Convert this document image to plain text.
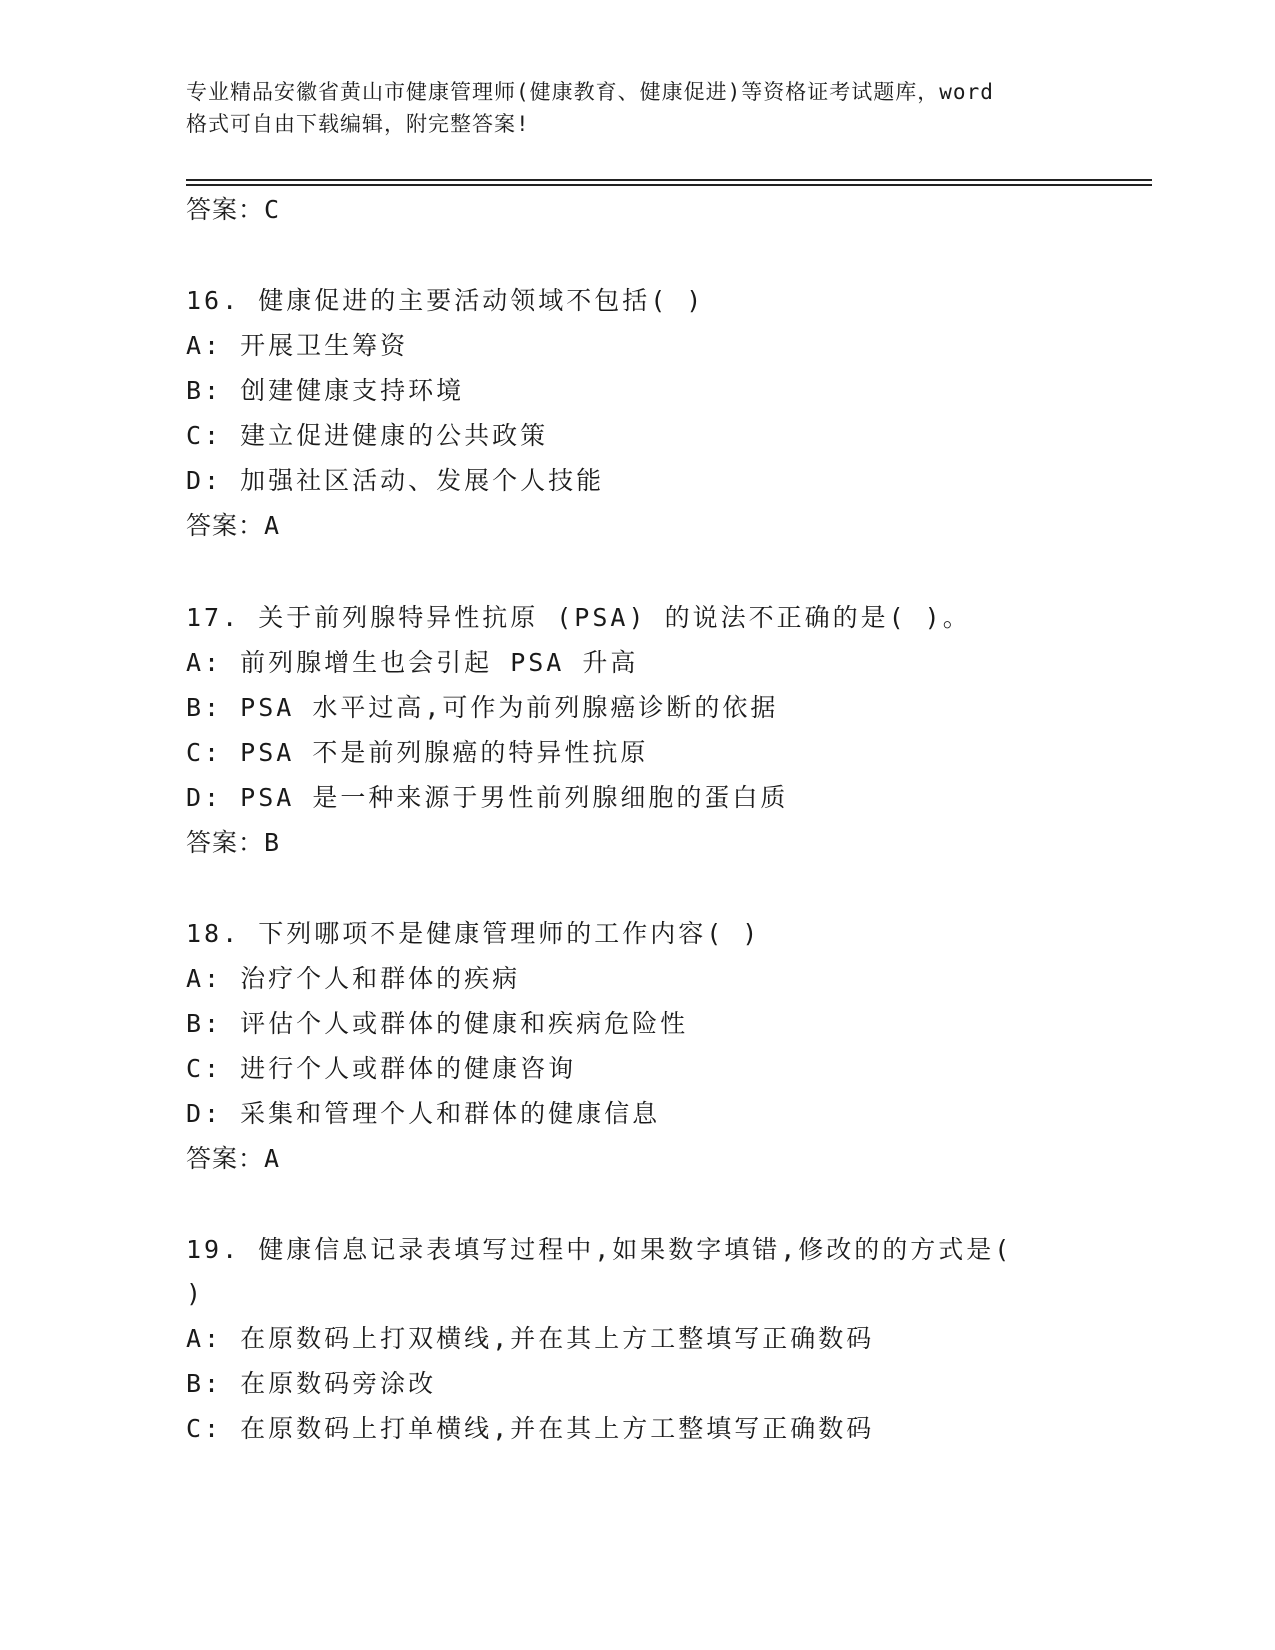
专业精品安徽省黄山市健康管理师(健康教育、健康促进)等资格证考试题库，word
格式可自由下载编辑，附完整答案!
答案：C
16. 健康促进的主要活动领域不包括( )
A: 开展卫生筹资
B: 创建健康支持环境
C: 建立促进健康的公共政策
D: 加强社区活动、发展个人技能
答案：A
17. 关于前列腺特异性抗原 (PSA) 的说法不正确的是( )。
A: 前列腺增生也会引起 PSA 升高
B: PSA 水平过高,可作为前列腺癌诊断的依据
C: PSA 不是前列腺癌的特异性抗原
D: PSA 是一种来源于男性前列腺细胞的蛋白质
答案：B
18. 下列哪项不是健康管理师的工作内容( )
A: 治疗个人和群体的疾病
B: 评估个人或群体的健康和疾病危险性
C: 进行个人或群体的健康咨询
D: 采集和管理个人和群体的健康信息
答案：A
19. 健康信息记录表填写过程中,如果数字填错,修改的的方式是(
)
A: 在原数码上打双横线,并在其上方工整填写正确数码
B: 在原数码旁涂改
C: 在原数码上打单横线,并在其上方工整填写正确数码
